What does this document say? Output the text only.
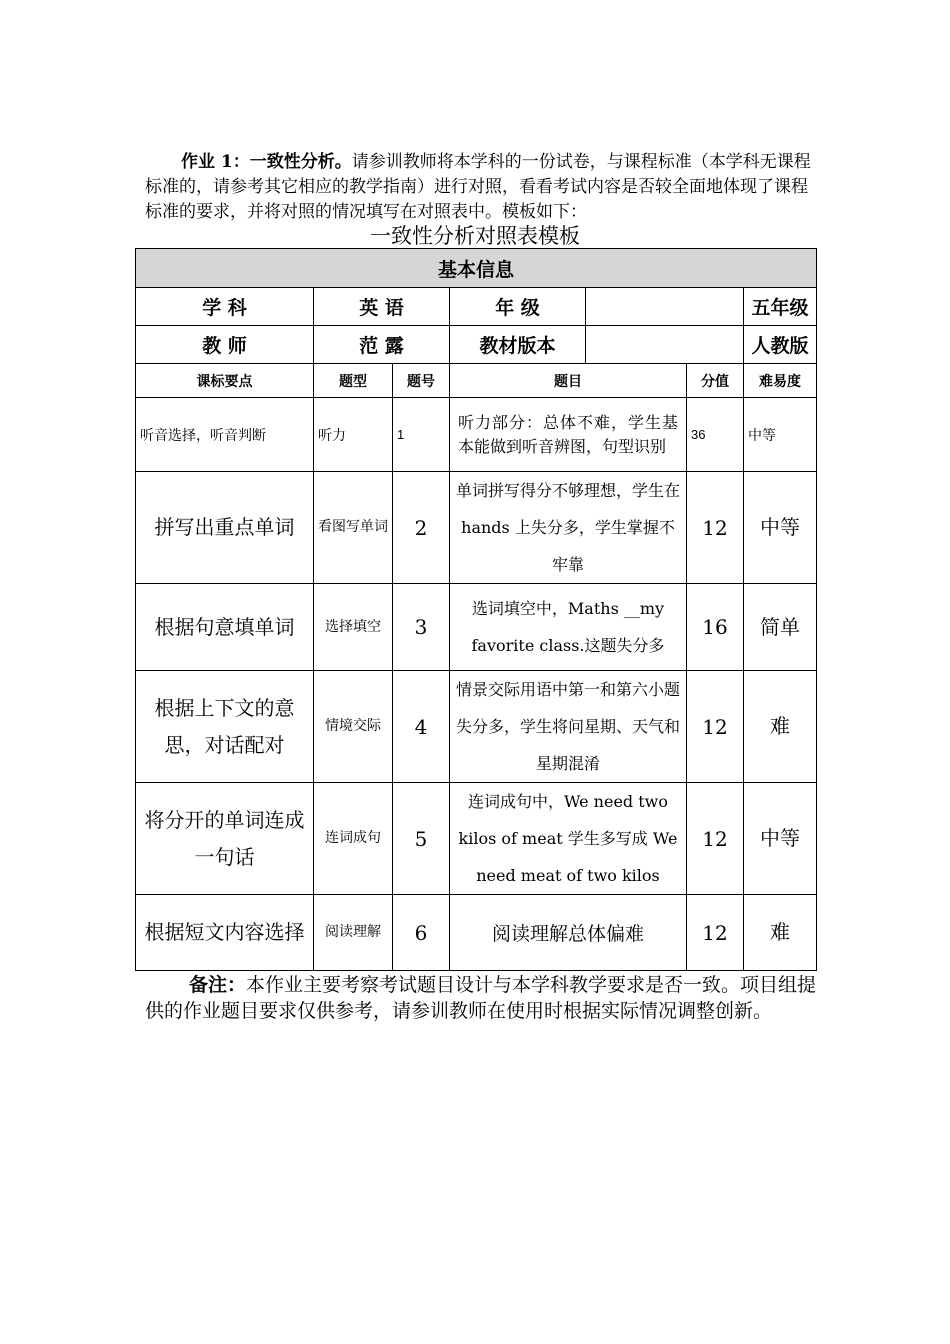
作业 1：一致性分析。请参训教师将本学科的一份试卷，与课程标准（本学科无课程标准的，请参考其它相应的教学指南）进行对照，看看考试内容是否较全面地体现了课程标准的要求，并将对照的情况填写在对照表中。模板如下：

一致性分析对照表模板

基本信息					
学 科	英 语		年 级		五年级
教 师	范 露		教材版本		人教版
课标要点	题型	题号	题目	分值	难易度
听音选择，听音判断	听力	1	听力部分：总体不难，学生基本能做到听音辨图，句型识别	36	中等
拼写出重点单词	看图写单词	2	单词拼写得分不够理想，学生在 hands 上失分多，学生掌握不牢靠	12	中等
根据句意填单词	选择填空	3	选词填空中，Maths __my favorite class.这题失分多	16	简单
根据上下文的意思，对话配对	情境交际	4	情景交际用语中第一和第六小题失分多，学生将问星期、天气和星期混淆	12	难
将分开的单词连成一句话	连词成句	5	连词成句中，We need two kilos of meat 学生多写成 We need meat of two kilos	12	中等
根据短文内容选择	阅读理解	6	阅读理解总体偏难	12	难

备注：本作业主要考察考试题目设计与本学科教学要求是否一致。项目组提供的作业题目要求仅供参考，请参训教师在使用时根据实际情况调整创新。
